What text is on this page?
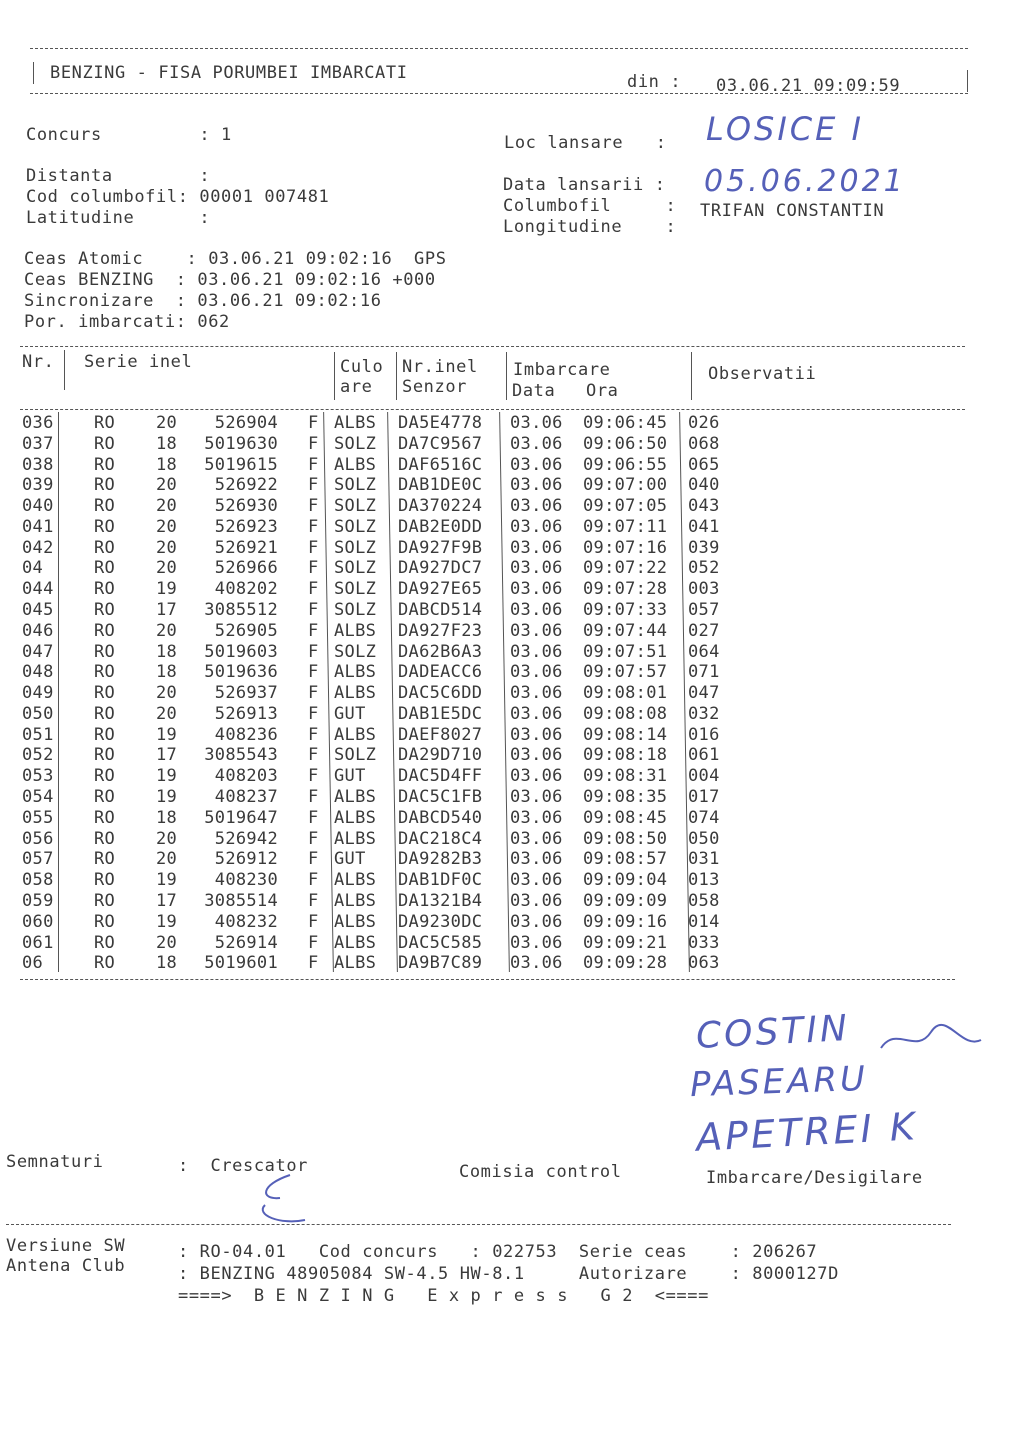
BENZING - FISA PORUMBEI IMBARCATI	din : 03.06.21 09:09:59
Concurs         : 1	Loc lansare   : LOSICE I
Distanta        :
Cod columbofil: 00001 007481
Latitudine      :
Data lansarii : 05.06.2021
Columbofil     : TRIFAN CONSTANTIN
Longitudine    :
Ceas Atomic    : 03.06.21 09:02:16  GPS
Ceas BENZING  : 03.06.21 09:02:16 +000
Sincronizare  : 03.06.21 09:02:16
Por. imbarcati: 062
Nr. Serie inel	Culo
are
Nr.inel
Senzor
Imbarcare
Data Ora
Observatii
036 RO 20	526904 F ALBS DA5E4778 03.06 09:06:45 026
037 RO 18	5019630 F SOLZ DA7C9567 03.06 09:06:50 068
038 RO 18	5019615 F ALBS DAF6516C 03.06 09:06:55 065
039 RO 20	526922 F SOLZ DAB1DE0C 03.06 09:07:00 040
040 RO 20	526930 F SOLZ DA370224 03.06 09:07:05 043
041 RO 20	526923 F SOLZ DAB2E0DD 03.06 09:07:11 041
042 RO 20	526921 F SOLZ DA927F9B 03.06 09:07:16 039
04	RO 20	526966 F SOLZ DA927DC7 03.06 09:07:22 052
044 RO 19	408202 F SOLZ DA927E65 03.06 09:07:28 003
045 RO 17	3085512 F SOLZ DABCD514 03.06 09:07:33 057
046 RO 20	526905 F ALBS DA927F23 03.06 09:07:44 027
047 RO 18	5019603 F SOLZ DA62B6A3 03.06 09:07:51 064
048 RO 18	5019636 F ALBS DADEACC6 03.06 09:07:57 071
049 RO 20	526937 F ALBS DAC5C6DD 03.06 09:08:01 047
050 RO 20	526913 F GUT DAB1E5DC 03.06 09:08:08 032
051 RO 19	408236 F ALBS DAEF8027 03.06 09:08:14 016
052 RO 17	3085543 F SOLZ DA29D710 03.06 09:08:18 061
053 RO 19	408203 F GUT DAC5D4FF 03.06 09:08:31 004
054 RO 19	408237 F ALBS DAC5C1FB 03.06 09:08:35 017
055 RO 18	5019647 F ALBS DABCD540 03.06 09:08:45 074
056 RO 20	526942 F ALBS DAC218C4 03.06 09:08:50 050
057 RO 20	526912 F GUT DA9282B3 03.06 09:08:57 031
058 RO 19	408230 F ALBS DAB1DF0C 03.06 09:09:04 013
059 RO 17	3085514 F ALBS DA1321B4 03.06 09:09:09 058
060 RO 19	408232 F ALBS DA9230DC 03.06 09:09:16 014
061 RO 20	526914 F ALBS DAC5C585 03.06 09:09:21 033
06	RO 18	5019601 F ALBS DA9B7C89 03.06 09:09:28 063
COSTIN
PASEARU
APETREI K
Semnaturi	:  Crescator	Comisia control	Imbarcare/Desigilare
Versiune SW
Antena Club
: RO-04.01   Cod concurs   : 022753  Serie ceas    : 206267
: BENZING 48905084 SW-4.5 HW-8.1     Autorizare    : 8000127D
====>  B E N Z I N G   E x p r e s s   G 2  <====
